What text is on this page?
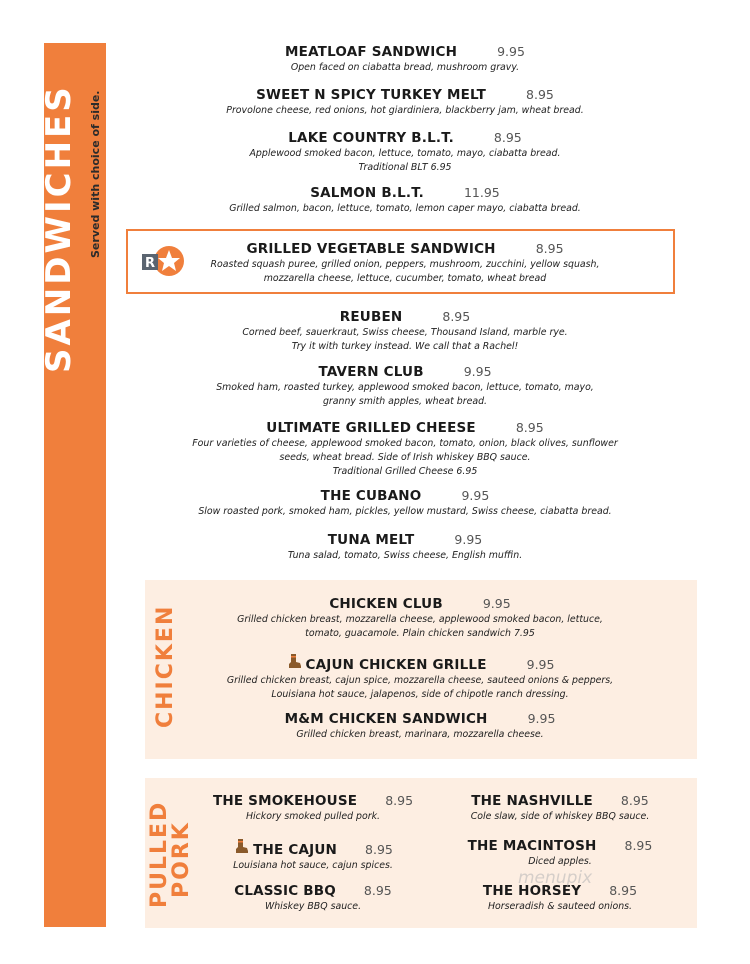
SANDWICHES Served with choice of side.
MEATLOAF SANDWICH	9.95
Open faced on ciabatta bread, mushroom gravy.
SWEET N SPICY TURKEY MELT	8.95
Provolone cheese, red onions, hot giardiniera, blackberry jam, wheat bread.
LAKE COUNTRY B.L.T.	8.95
Applewood smoked bacon, lettuce, tomato, mayo, ciabatta bread.
Traditional BLT 6.95
SALMON B.L.T.	11.95
Grilled salmon, bacon, lettuce, tomato, lemon caper mayo, ciabatta bread.
R
GRILLED VEGETABLE SANDWICH	8.95
Roasted squash puree, grilled onion, peppers, mushroom, zucchini, yellow squash,
mozzarella cheese, lettuce, cucumber, tomato, wheat bread
REUBEN	8.95
Corned beef, sauerkraut, Swiss cheese, Thousand Island, marble rye.
Try it with turkey instead. We call that a Rachel!
TAVERN CLUB	9.95
Smoked ham, roasted turkey, applewood smoked bacon, lettuce, tomato, mayo,
granny smith apples, wheat bread.
ULTIMATE GRILLED CHEESE	8.95
Four varieties of cheese, applewood smoked bacon, tomato, onion, black olives, sunflower
seeds, wheat bread. Side of Irish whiskey BBQ sauce.
Traditional Grilled Cheese 6.95
THE CUBANO	9.95
Slow roasted pork, smoked ham, pickles, yellow mustard, Swiss cheese, ciabatta bread.
TUNA MELT	9.95
Tuna salad, tomato, Swiss cheese, English muffin.
CHICKEN
CHICKEN CLUB	9.95
Grilled chicken breast, mozzarella cheese, applewood smoked bacon, lettuce,
tomato, guacamole. Plain chicken sandwich 7.95
CAJUN CHICKEN GRILLE	9.95
Grilled chicken breast, cajun spice, mozzarella cheese, sauteed onions & peppers,
Louisiana hot sauce, jalapenos, side of chipotle ranch dressing.
M&M CHICKEN SANDWICH	9.95
Grilled chicken breast, marinara, mozzarella cheese.
PULLED
PORK
THE SMOKEHOUSE 8.95
Hickory smoked pulled pork.
THE NASHVILLE 8.95
Cole slaw, side of whiskey BBQ sauce.
THE CAJUN 8.95
Louisiana hot sauce, cajun spices.
THE MACINTOSH 8.95
Diced apples.
CLASSIC BBQ 8.95
Whiskey BBQ sauce.
THE HORSEY 8.95
Horseradish & sauteed onions.
menupix
